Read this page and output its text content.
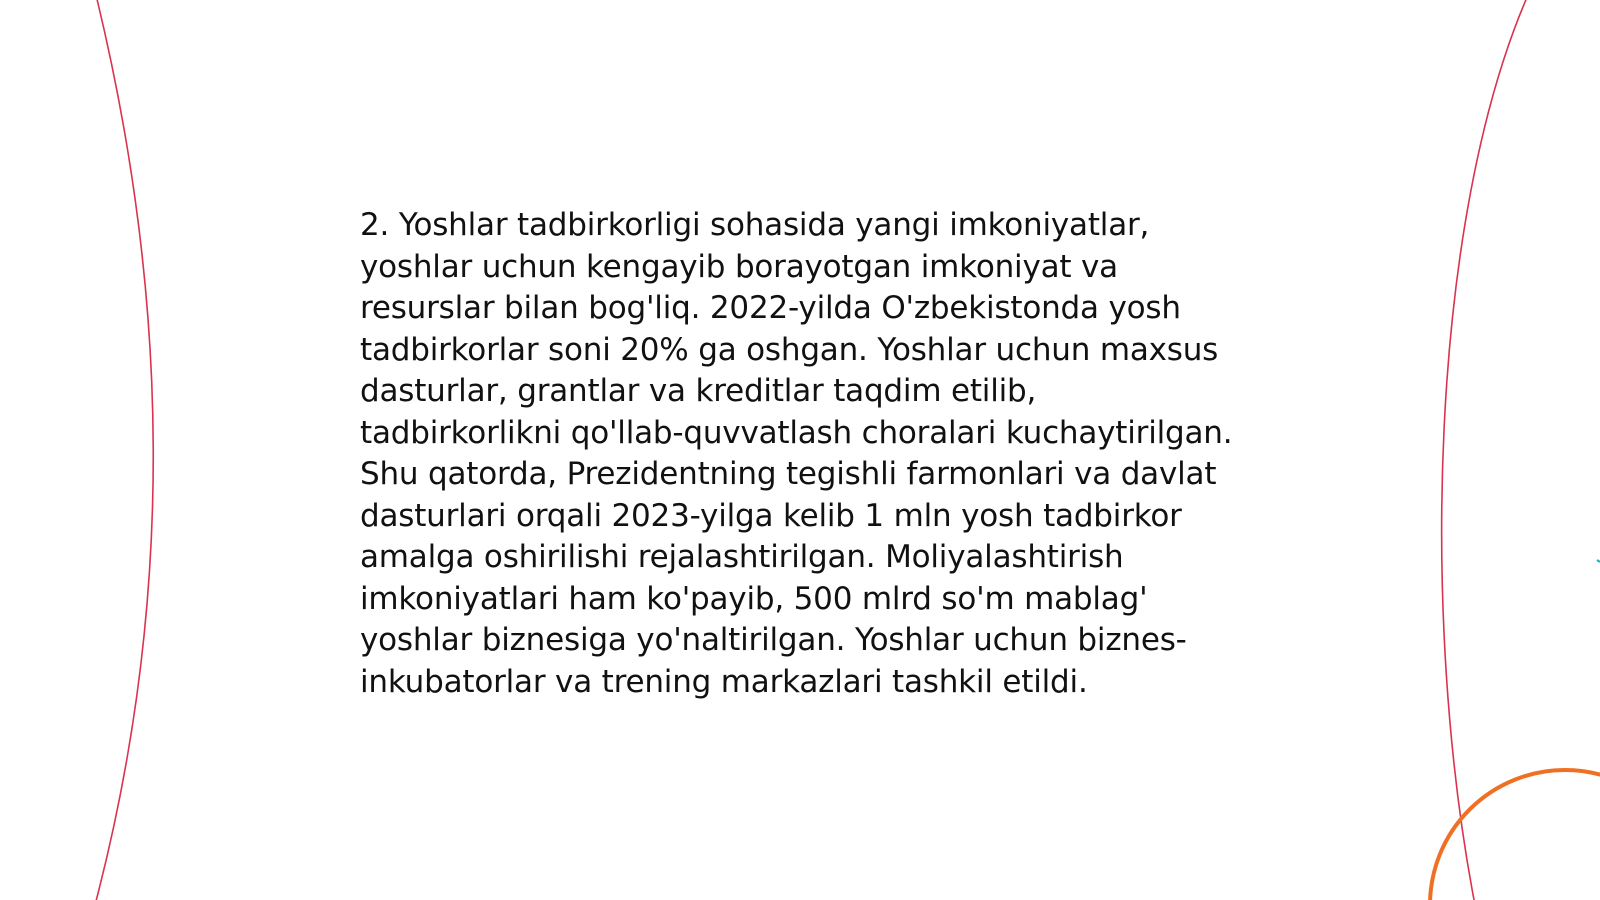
2. Yoshlar tadbirkorligi sohasida yangi imkoniyatlar, yoshlar uchun kengayib borayotgan imkoniyat va resurslar bilan bog'liq. 2022-yilda O'zbekistonda yosh tadbirkorlar soni 20% ga oshgan. Yoshlar uchun maxsus dasturlar, grantlar va kreditlar taqdim etilib, tadbirkorlikni qo'llab-quvvatlash choralari kuchaytirilgan. Shu qatorda, Prezidentning tegishli farmonlari va davlat dasturlari orqali 2023-yilga kelib 1 mln yosh tadbirkor amalga oshirilishi rejalashtirilgan. Moliyalashtirish imkoniyatlari ham ko'payib, 500 mlrd so'm mablag' yoshlar biznesiga yo'naltirilgan. Yoshlar uchun biznes-inkubatorlar va trening markazlari tashkil etildi.
